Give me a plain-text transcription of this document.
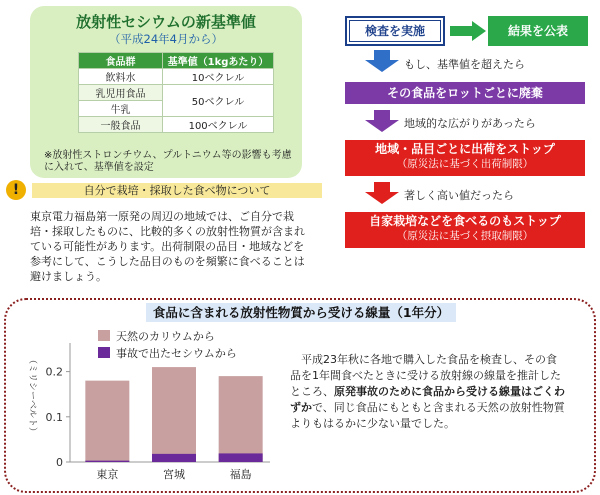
放射性セシウムの新基準値
（平成24年4月から）
食品群	基準値（1kgあたり）
飲料水	10ベクレル
乳児用食品	50ベクレル
牛乳	
一般食品	100ベクレル
※放射性ストロンチウム、プルトニウム等の影響も考慮に入れて、基準値を設定
!	自分で栽培・採取した食べ物について
東京電力福島第一原発の周辺の地域では、ご自分で栽培・採取したものに、比較的多くの放射性物質が含まれている可能性があります。出荷制限の品目・地域などを参考にして、こうした品目のものを頻繁に食べることは避けましょう。
検査を実施	結果を公表
もし、基準値を超えたら
その食品をロットごとに廃棄
地域的な広がりがあったら
地域・品目ごとに出荷をストップ
（原災法に基づく出荷制限）
著しく高い値だったら
自家栽培などを食べるのもストップ
（原災法に基づく摂取制限）
食品に含まれる放射性物質から受ける線量（1年分）
（ミリシーベルト）
0
0.1
0.2
東京	宮城	福島
天然のカリウムから
事故で出たセシウムから	平成23年秋に各地で購入した食品を検査し、その食品を1年間食べたときに受ける放射線の線量を推計したところ、原発事故のために食品から受ける線量はごくわずかで、同じ食品にもともと含まれる天然の放射性物質よりもはるかに少ない量でした。
